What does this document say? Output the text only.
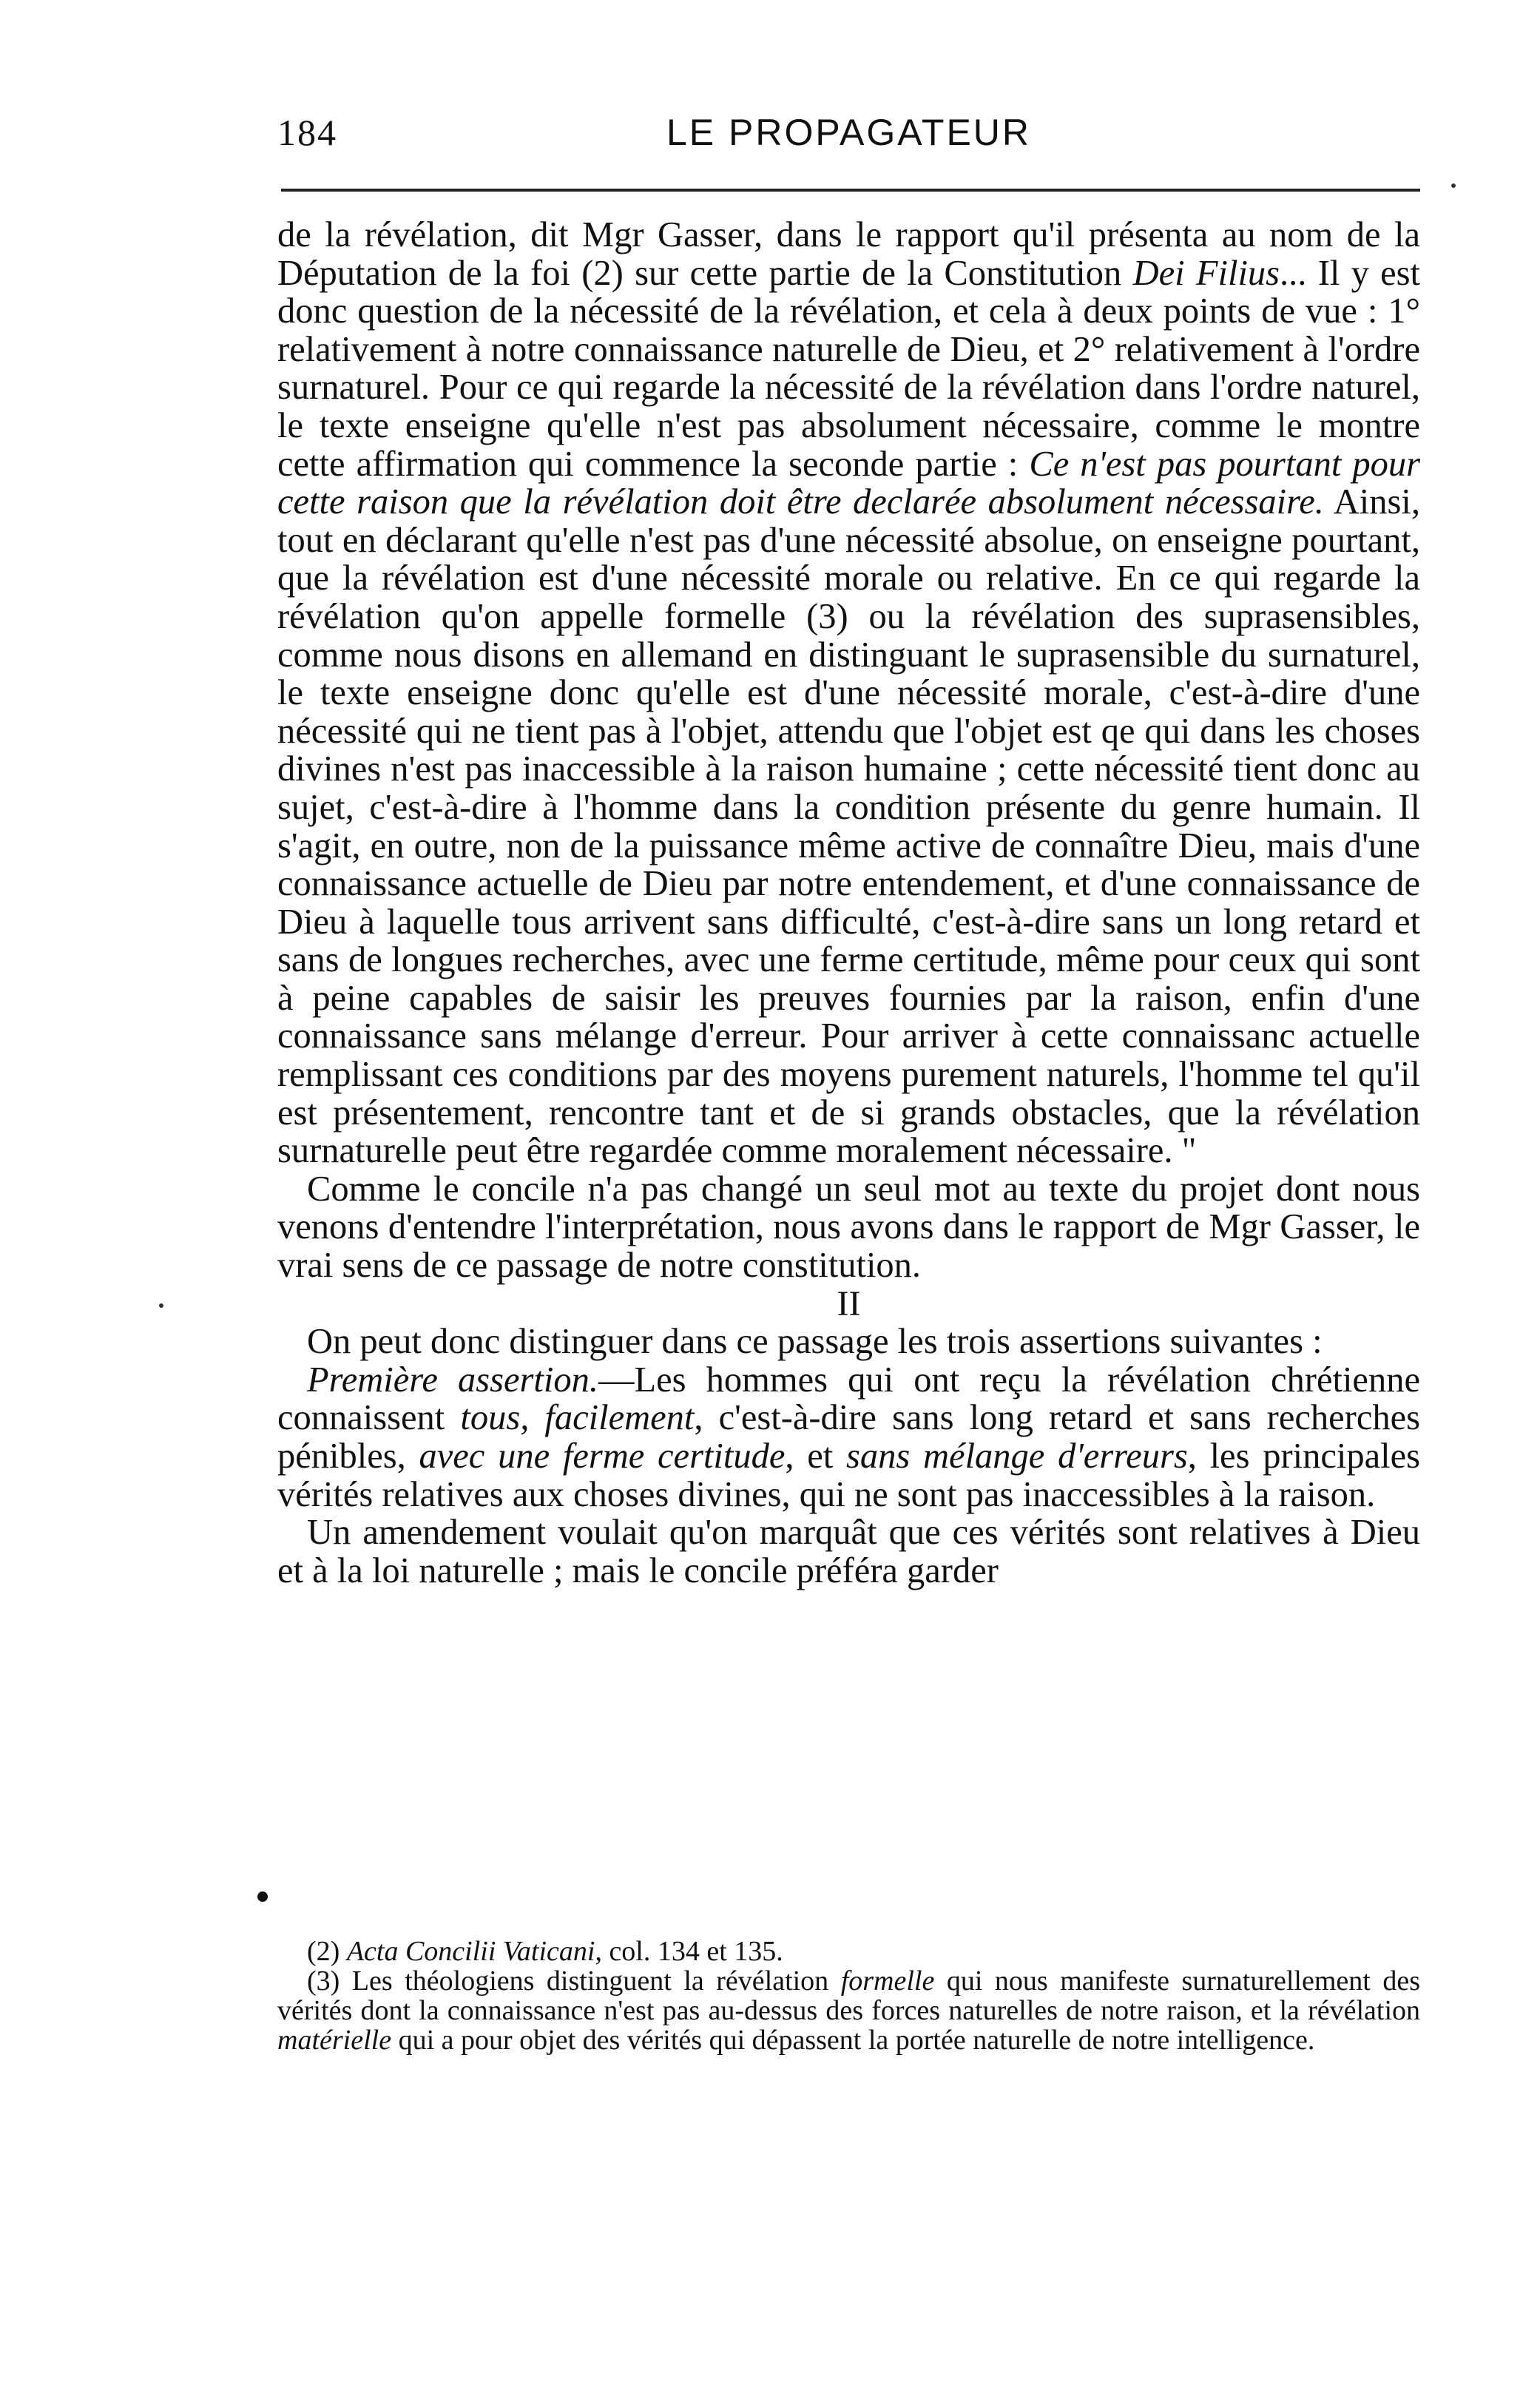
184	LE PROPAGATEUR

de la révélation, dit Mgr Gasser, dans le rapport qu'il présenta au nom de la Députation de la foi (2) sur cette partie de la Constitution Dei Filius... Il y est donc question de la nécessité de la révélation, et cela à deux points de vue : 1° relativement à notre connaissance naturelle de Dieu, et 2° relativement à l'ordre surnaturel. Pour ce qui regarde la nécessité de la révélation dans l'ordre naturel, le texte enseigne qu'elle n'est pas absolument nécessaire, comme le montre cette affirmation qui commence la seconde partie : Ce n'est pas pourtant pour cette raison que la révélation doit être declarée absolument nécessaire. Ainsi, tout en déclarant qu'elle n'est pas d'une nécessité absolue, on enseigne pourtant, que la révélation est d'une nécessité morale ou relative. En ce qui regarde la révélation qu'on appelle formelle (3) ou la révélation des suprasensibles, comme nous disons en allemand en distinguant le suprasensible du surnaturel, le texte enseigne donc qu'elle est d'une nécessité morale, c'est-à-dire d'une nécessité qui ne tient pas à l'objet, attendu que l'objet est qe qui dans les choses divines n'est pas inaccessible à la raison humaine ; cette nécessité tient donc au sujet, c'est-à-dire à l'homme dans la condition présente du genre humain. Il s'agit, en outre, non de la puissance même active de connaître Dieu, mais d'une connaissance actuelle de Dieu par notre entendement, et d'une connaissance de Dieu à laquelle tous arrivent sans difficulté, c'est-à-dire sans un long retard et sans de longues recherches, avec une ferme certitude, même pour ceux qui sont à peine capables de saisir les preuves fournies par la raison, enfin d'une connaissance sans mélange d'erreur. Pour arriver à cette connaissanc actuelle remplissant ces conditions par des moyens purement naturels, l'homme tel qu'il est présentement, rencontre tant et de si grands obstacles, que la révélation surnaturelle peut être regardée comme moralement nécessaire. "

Comme le concile n'a pas changé un seul mot au texte du projet dont nous venons d'entendre l'interprétation, nous avons dans le rapport de Mgr Gasser, le vrai sens de ce passage de notre constitution.

II

On peut donc distinguer dans ce passage les trois assertions suivantes :

Première assertion.—Les hommes qui ont reçu la révélation chrétienne connaissent tous, facilement, c'est-à-dire sans long retard et sans recherches pénibles, avec une ferme certitude, et sans mélange d'erreurs, les principales vérités relatives aux choses divines, qui ne sont pas inaccessibles à la raison.

Un amendement voulait qu'on marquât que ces vérités sont relatives à Dieu et à la loi naturelle ; mais le concile préféra garder

(2) Acta Concilii Vaticani, col. 134 et 135.

(3) Les théologiens distinguent la révélation formelle qui nous manifeste surnaturellement des vérités dont la connaissance n'est pas au-dessus des forces naturelles de notre raison, et la révélation matérielle qui a pour objet des vérités qui dépassent la portée naturelle de notre intelligence.
